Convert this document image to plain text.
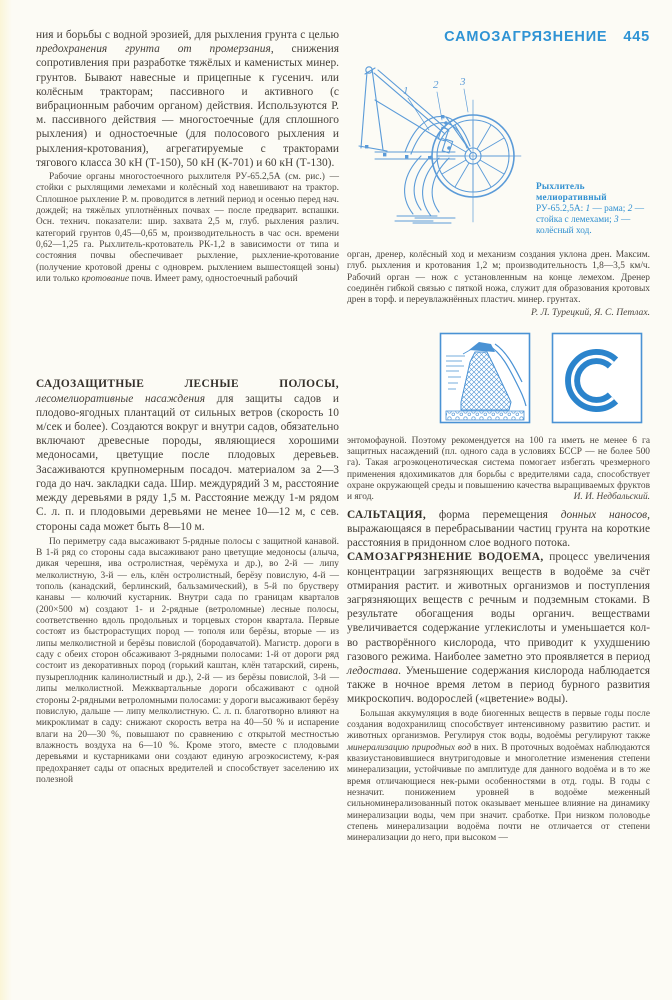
ния и борьбы с водной эрозией, для рыхления грунта с целью предохранения грунта от промерзания, снижения сопротивления при разработке тяжёлых и каменистых минер. грунтов. Бывают навесные и прицепные к гусенич. или колёсным тракторам; пассивного и активного (с вибрационным рабочим органом) действия. Используются Р. м. пассивного действия — многостоечные (для сплошного рыхления) и одностоечные (для полосового рыхления и рыхления-кротования), агрегатируемые с тракторами тягового класса 30 кН (Т-150), 50 кН (К-701) и 60 кН (Т-130).

Рабочие органы многостоечного рыхлителя РУ-65.2,5А (см. рис.) — стойки с рыхлящими лемехами и колёсный ход навешивают на трактор. Сплошное рыхление Р. м. проводится в летний период и осенью перед нач. дождей; на тяжёлых уплотнённых почвах — после предварит. вспашки. Осн. технич. показатели: шир. захвата 2,5 м, глуб. рыхления различ. категорий грунтов 0,45—0,65 м, производительность в час осн. времени 0,62—1,25 га. Рыхлитель-кротователь РК-1,2 в зависимости от типа и состояния почвы обеспечивает рыхление, рыхление-кротование (получение кротовой дрены с одноврем. рыхлением вышестоящей зоны) или только кротование почв. Имеет раму, одностоечный рабочий

САДОЗАЩИТНЫЕ ЛЕСНЫЕ ПОЛОСЫ, лесомелиоративные насаждения для защиты садов и плодово-ягодных плантаций от сильных ветров (скорость 10 м/сек и более). Создаются вокруг и внутри садов, обязательно включают древесные породы, являющиеся хорошими медоносами, цветущие после плодовых деревьев. Засаживаются крупномерным посадоч. материалом за 2—3 года до нач. закладки сада. Шир. междурядий 3 м, расстояние между деревьями в ряду 1,5 м. Расстояние между 1-м рядом С. л. п. и плодовыми деревьями не менее 10—12 м, с сев. стороны сада может быть 8—10 м.

По периметру сада высаживают 5-рядные полосы с защитной канавой. В 1-й ряд со стороны сада высаживают рано цветущие медоносы (алыча, дикая черешня, ива остролистная, черёмуха и др.), во 2-й — липу мелколистную, 3-й — ель, клён остролистный, берёзу повислую, 4-й — тополь (канадский, берлинский, бальзамический), в 5-й по брустверу канавы — колючий кустарник. Внутри сада по границам кварталов (200×500 м) создают 1- и 2-рядные (ветроломные) лесные полосы, соответственно вдоль продольных и торцевых сторон квартала. Первые состоят из быстрорастущих пород — тополя или берёзы, вторые — из липы мелколистной и берёзы повислой (бородавчатой). Магистр. дороги в саду с обеих сторон обсаживают 3-рядными полосами: 1-й от дороги ряд состоит из декоративных пород (горький каштан, клён татарский, сирень, пузыреплодник калинолистный и др.), 2-й — из берёзы повислой, 3-й — липы мелколистной. Межквартальные дороги обсаживают с одной стороны 2-рядными ветроломными полосами: у дороги высаживают берёзу повислую, дальше — липу мелколистную. С. л. п. благотворно влияют на микроклимат в саду: снижают скорость ветра на 40—50 % и испарение влаги на 20—30 %, повышают по сравнению с открытой местностью влажность воздуха на 6—10 %. Кроме этого, вместе с плодовыми деревьями и кустарниками они создают единую агроэкосистему, к-рая предохраняет сады от опасных вредителей и способствует заселению их полезной

САМОЗАГРЯЗНЕНИЕ 445
1 2 3
Рыхлитель мелиоративный
РУ-65.2,5А: 1 — рама; 2 — стойка с лемехами; 3 — колёсный ход.

орган, дренер, колёсный ход и механизм создания уклона дрен. Максим. глуб. рыхления и кротования 1,2 м; производительность 1,8—3,5 км/ч. Рабочий орган — нож с установленным на конце лемехом. Дренер соединён гибкой связью с пяткой ножа, служит для образования кротовых дрен в торф. и переувлажнённых пластич. минер. грунтах.

Р. Л. Турецкий, Я. С. Петлах.

энтомофауной. Поэтому рекомендуется на 100 га иметь не менее 6 га защитных насаждений (пл. одного сада в условиях БССР — не более 500 га). Такая агроэкоценотическая система помогает избегать чрезмерного применения ядохимикатов для борьбы с вредителями сада, способствует охране окружающей среды и повышению качества выращиваемых фруктов и ягод.	И. И. Недбальский.

САЛЬТАЦИЯ, форма перемещения донных наносов, выражающаяся в перебрасывании частиц грунта на короткие расстояния в придонном слое водного потока.

САМОЗАГРЯЗНЕНИЕ ВОДОЕМА, процесс увеличения концентрации загрязняющих веществ в водоёме за счёт отмирания растит. и животных организмов и поступления загрязняющих веществ с речным и подземным стоками. В результате обогащения воды органич. веществами увеличивается содержание углекислоты и уменьшается кол-во растворённого кислорода, что приводит к ухудшению газового режима. Наиболее заметно это проявляется в период ледостава. Уменьшение содержания кислорода наблюдается также в ночное время летом в период бурного развития микроскопич. водорослей («цветение» воды).

Большая аккумуляция в воде биогенных веществ в первые годы после создания водохранилищ способствует интенсивному развитию растит. и животных организмов. Регулируя сток воды, водоёмы регулируют также минерализацию природных вод в них. В проточных водоёмах наблюдаются квазиустановившиеся внутригодовые и многолетние изменения степени минерализации, устойчивые по амплитуде для данного водоёма и в то же время отличающиеся нек-рыми особенностями в отд. годы. В годы с незначит. понижением уровней в водоёме меженный сильноминерализованный поток оказывает меньшее влияние на динамику минерализации воды, чем при значит. сработке. При низком половодье степень минерализации водоёма почти не отличается от степени минерализации до него, при высоком —
